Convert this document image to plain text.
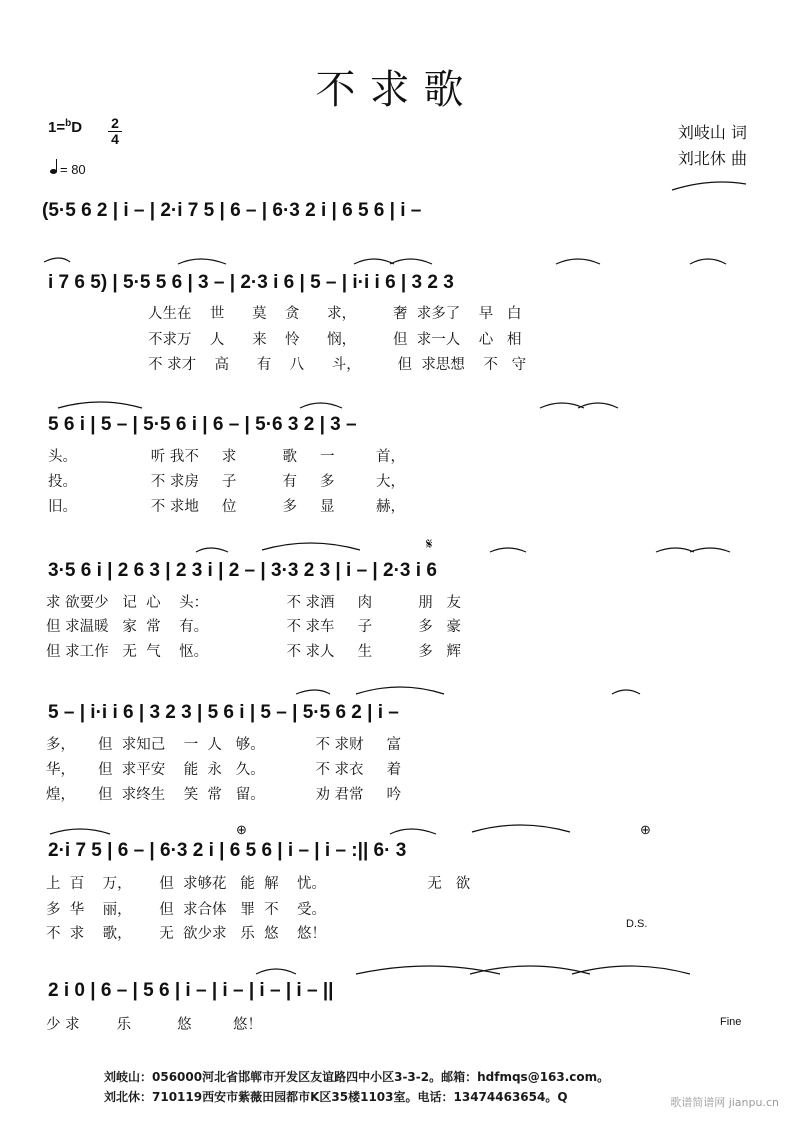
不求歌
1=$^b$D 2
4
= 80
刘岐山 词
刘北休 曲
(5·5 6 2 | i – | 2·i 7 5 | 6 – | 6·3 2 i | 6 5 6 | i –
i 7 6 5) | 5·5 5 6 | 3 – | 2·3 i 6 | 5 – | i·i i 6 | 3 2 3
人生在    世      莫    贪      求，        奢  求多了    早   白
不求万    人      来    怜      悯，        但  求一人    心   相
不 求才    高      有    八      斗，        但  求思想    不   守
5 6 i | 5 – | 5·5 6 i | 6 – | 5·6 3 2 | 3 –
头。                听 我不     求          歌     一         首，
投。                不 求房     子          有     多         大，
旧。                不 求地     位          多     显         赫，
3·5 6 i | 2 6 3 | 2 3 i | 2 – | 3·3 2 3 | i – | 2·3 i 6
求 欲要少   记  心    头：                 不 求酒     肉          朋   友
但 求温暖   家  常    有。                 不 求车     子          多   豪
但 求工作   无  气    怄。                 不 求人     生          多   辉
5 – | i·i i 6 | 3 2 3 | 5 6 i | 5 – | 5·5 6 2 | i –
多，     但  求知己    一  人   够。           不 求财     富
华，     但  求平安    能  永   久。           不 求衣     着
煌，     但  求终生    笑  常   留。           劝 君常     吟
2·i 7 5 | 6 – | 6·3 2 i | 6 5 6 | i – | i – :|| 6· 3
上  百    万，      但  求够花   能  解    忧。                      无   欲
多  华    丽，      但  求合体   罪  不    受。
不  求    歌，      无  欲少求   乐  悠    悠！
D.S.
2 i 0 | 6 – | 5 6 | i – | i – | i – | i – ||
少 求        乐          悠         悠！	Fine
𝄋
⊕	⊕
刘岐山：056000河北省邯郸市开发区友谊路四中小区3-3-2。邮箱：hdfmqs@163.com。
刘北休：710119西安市紫薇田园都市K区35楼1103室。电话：13474463654。Q	歌谱简谱网 jianpu.cn
